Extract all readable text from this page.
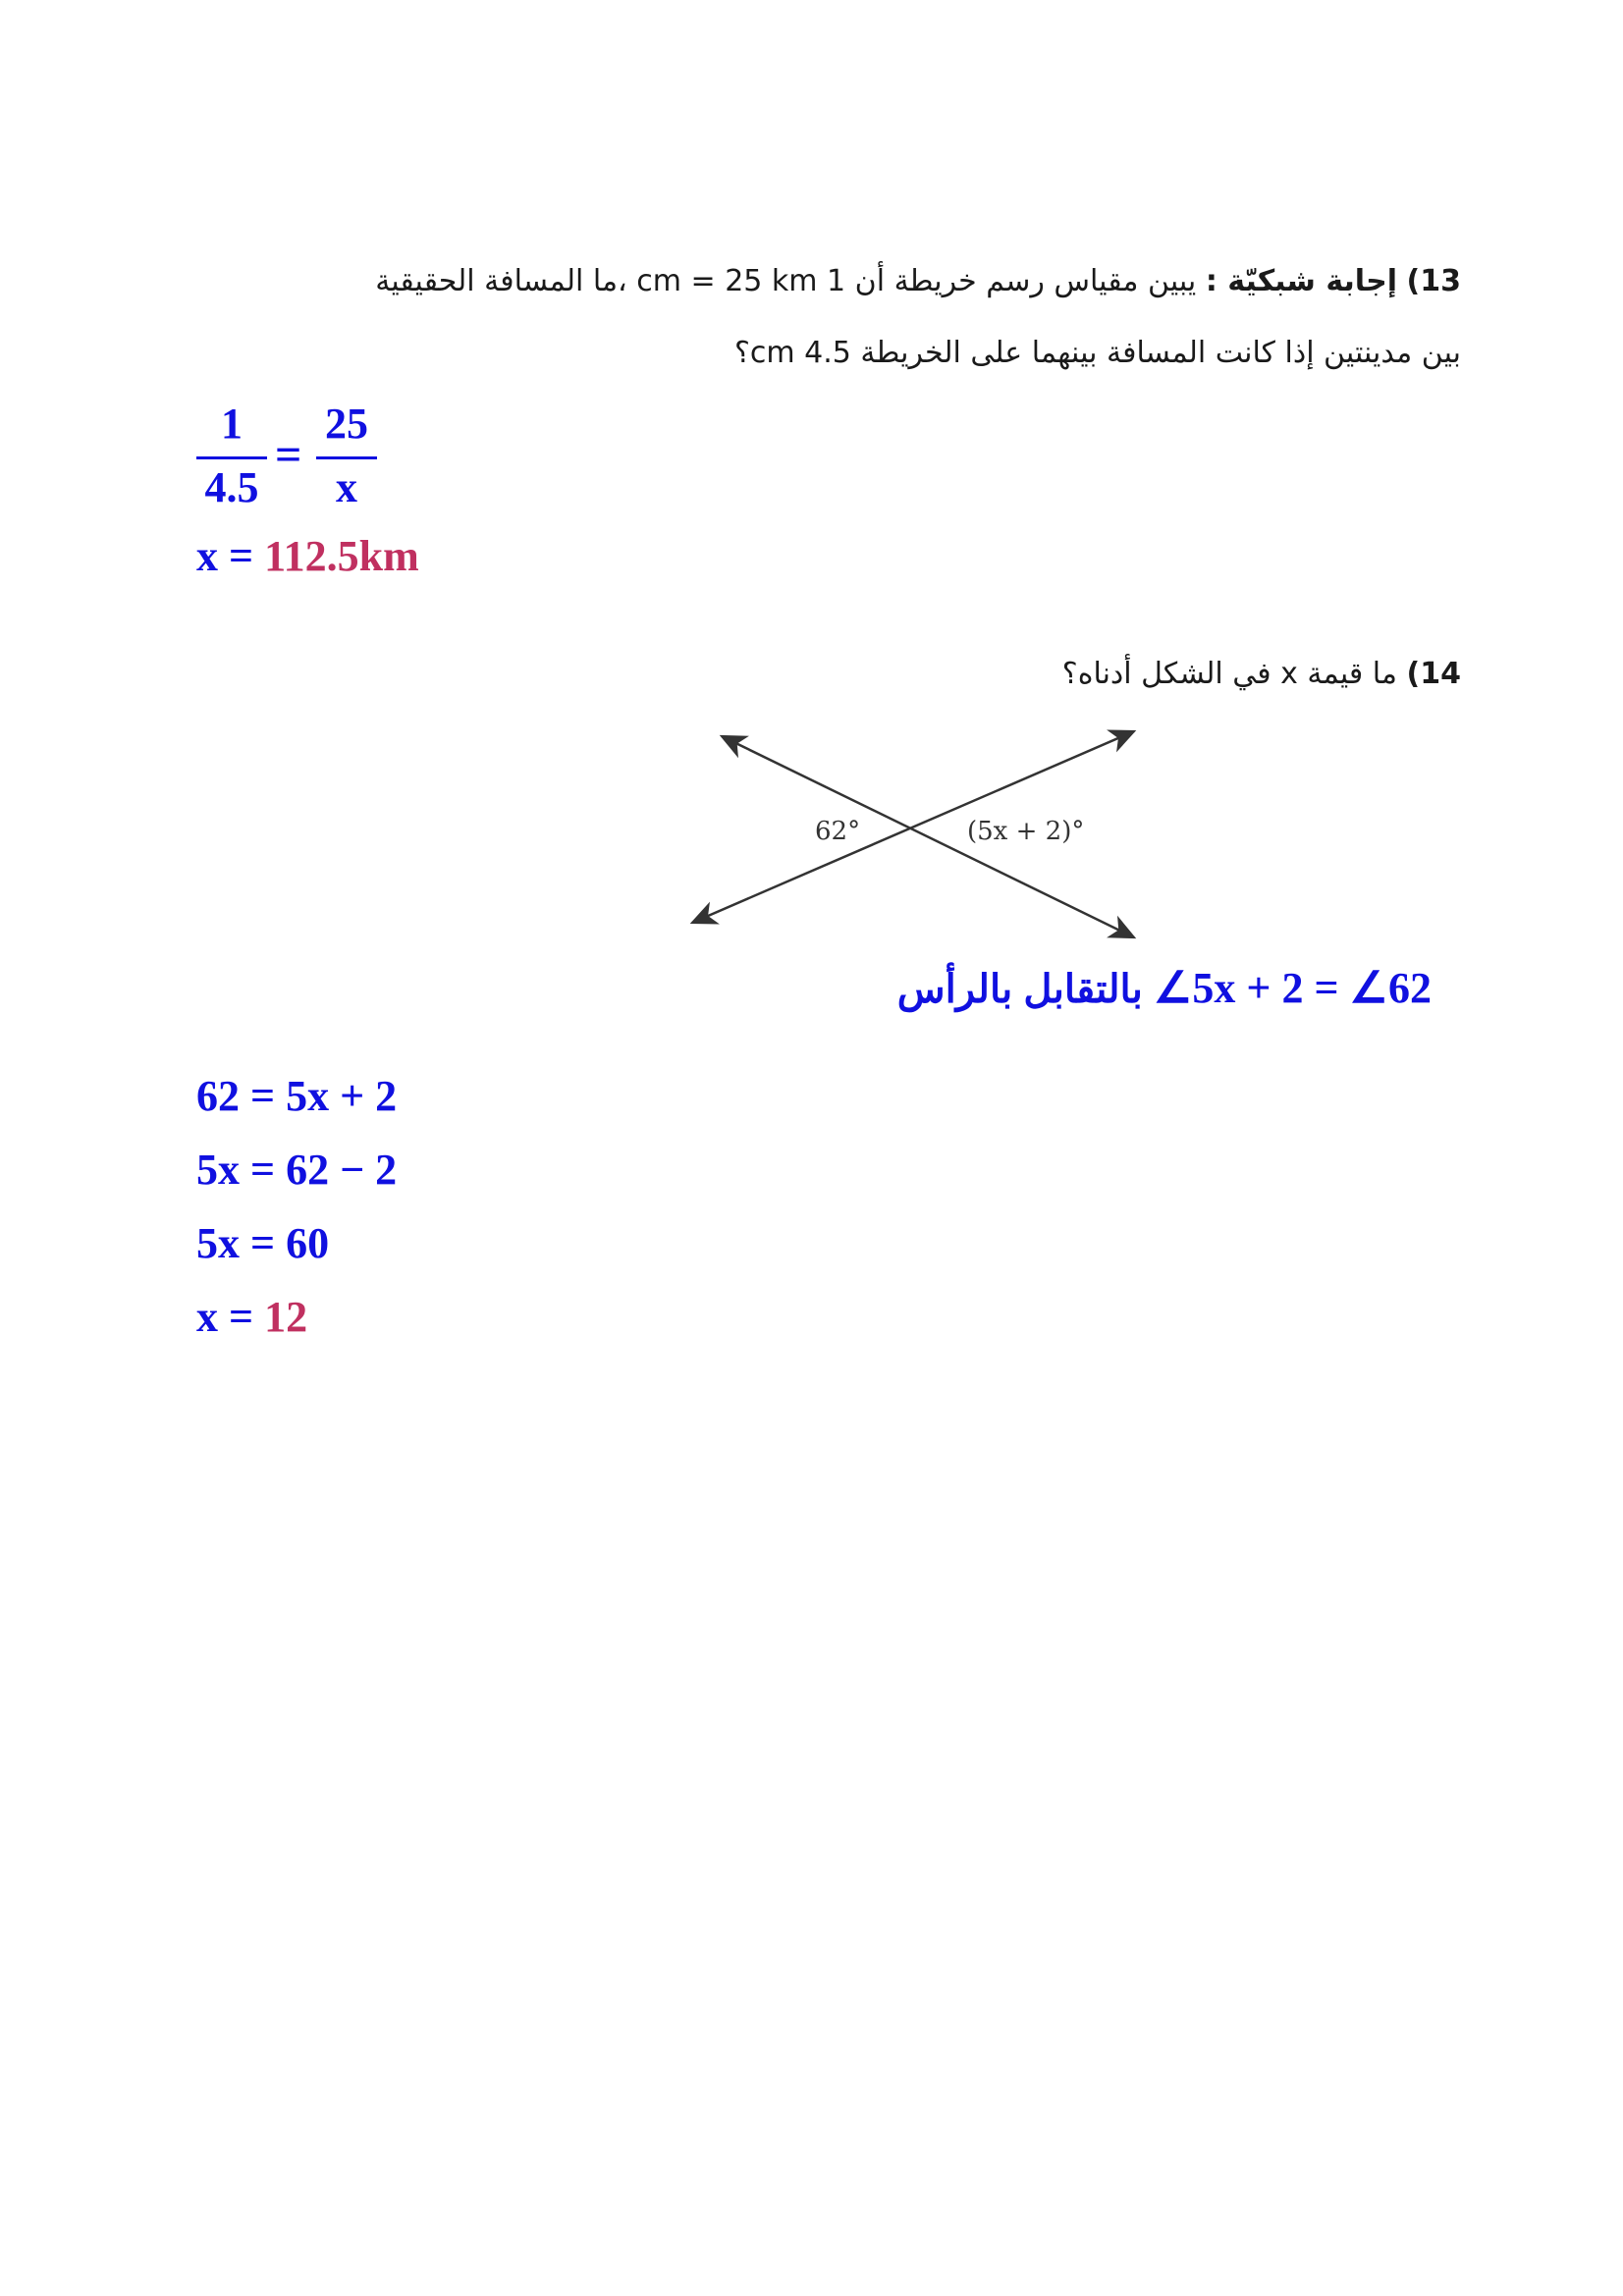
13) إجابة شبكيّة : يبين مقياس رسم خريطة أن 1 cm = 25 km ،ما المسافة الحقيقية
بين مدينتين إذا كانت المسافة بينهما على الخريطة 4.5 cm؟
1
4.5
=
25
x
x = 112.5km
14) ما قيمة x في الشكل أدناه؟
62°	(5x + 2)°
∠5x + 2 = ∠62 بالتقابل بالرأس
62 = 5x + 2
5x = 62 − 2
5x = 60
x = 12
